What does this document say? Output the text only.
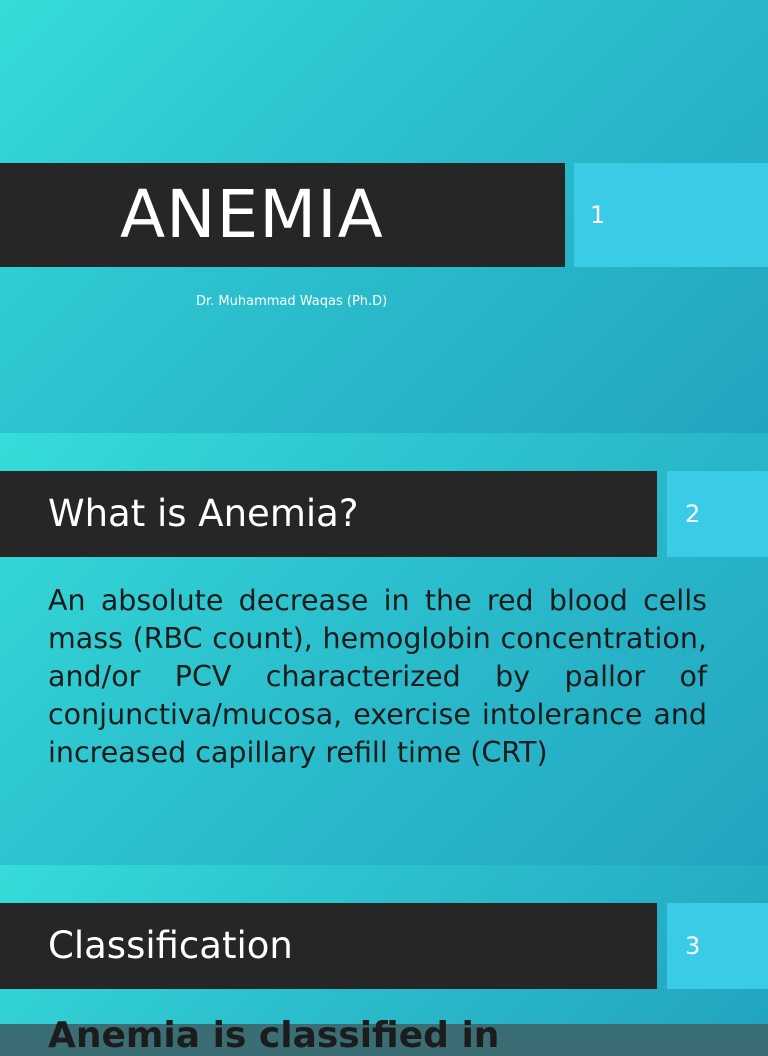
ANEMIA	1
Dr. Muhammad Waqas (Ph.D)
What is Anemia?	2
An absolute decrease in the red blood cells mass (RBC count), hemoglobin concentration, and/or PCV characterized by pallor of conjunctiva/mucosa, exercise intolerance and increased capillary refill time (CRT)
Classification	3
Anemia is classified in
